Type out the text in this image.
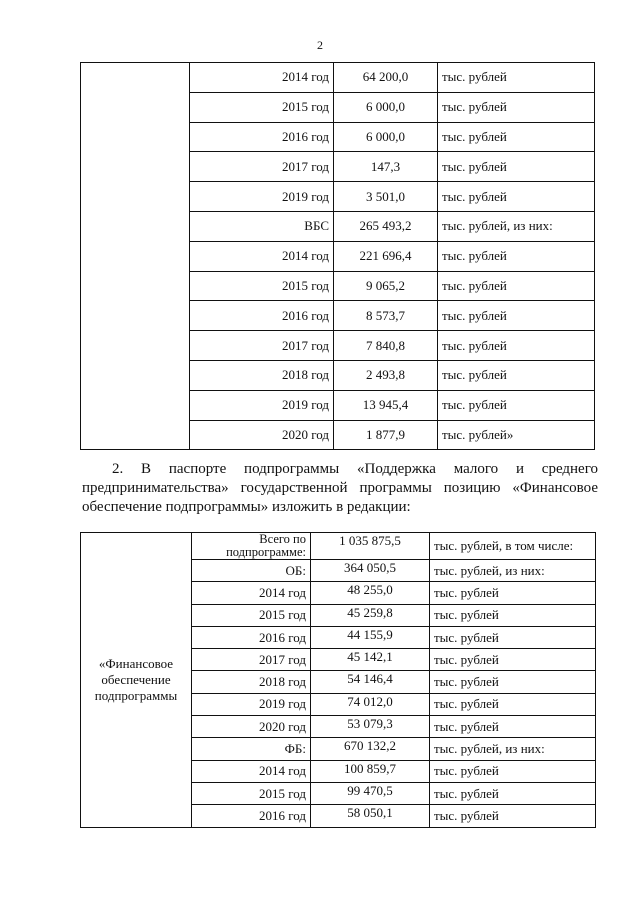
2
	2014 год	64 200,0	тыс. рублей
	2015 год	6 000,0	тыс. рублей
	2016 год	6 000,0	тыс. рублей
	2017 год	147,3	тыс. рублей
	2019 год	3 501,0	тыс. рублей
	ВБС	265 493,2	тыс. рублей, из них:
	2014 год	221 696,4	тыс. рублей
	2015 год	9 065,2	тыс. рублей
	2016 год	8 573,7	тыс. рублей
	2017 год	7 840,8	тыс. рублей
	2018 год	2 493,8	тыс. рублей
	2019 год	13 945,4	тыс. рублей
	2020 год	1 877,9	тыс. рублей»
2. В паспорте подпрограммы «Поддержка малого и среднего предпринимательства» государственной программы позицию «Финансовое обеспечение подпрограммы» изложить в редакции:
«Финансовое обеспечение подпрограммы	Всего по подпрограмме:	1 035 875,5	тыс. рублей, в том числе:
	ОБ:	364 050,5	тыс. рублей, из них:
	2014 год	48 255,0	тыс. рублей
	2015 год	45 259,8	тыс. рублей
	2016 год	44 155,9	тыс. рублей
	2017 год	45 142,1	тыс. рублей
	2018 год	54 146,4	тыс. рублей
	2019 год	74 012,0	тыс. рублей
	2020 год	53 079,3	тыс. рублей
	ФБ:	670 132,2	тыс. рублей, из них:
	2014 год	100 859,7	тыс. рублей
	2015 год	99 470,5	тыс. рублей
	2016 год	58 050,1	тыс. рублей
